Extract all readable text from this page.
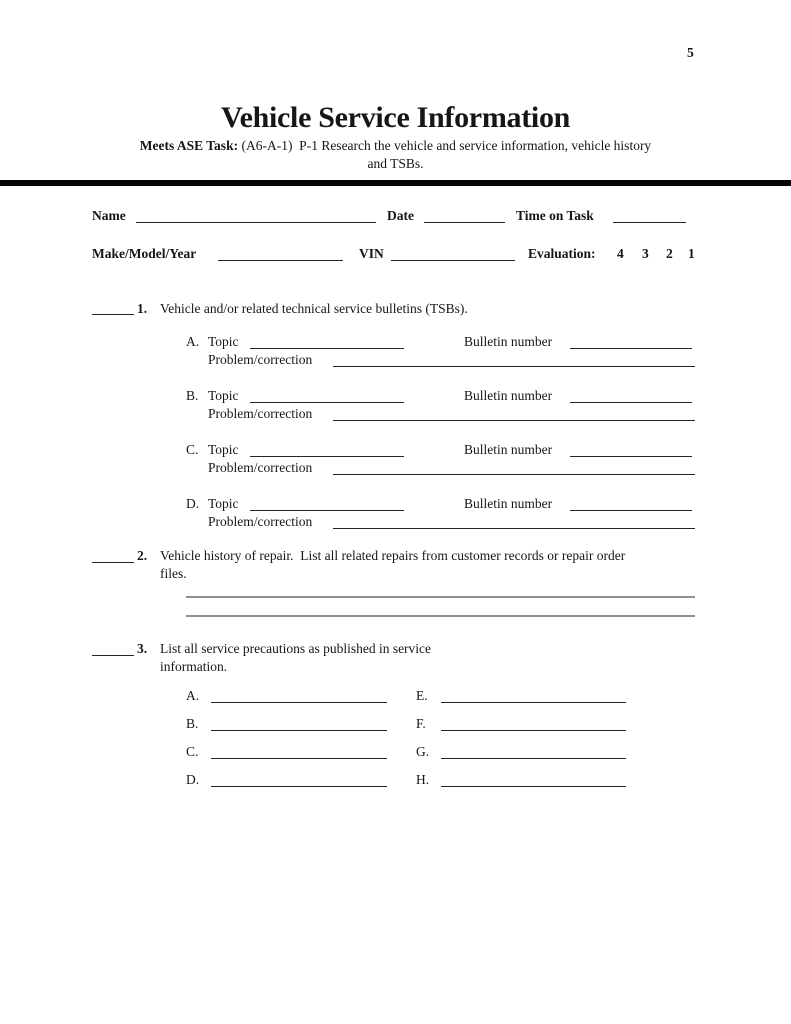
5
Vehicle Service Information
Meets ASE Task: (A6-A-1)  P-1 Research the vehicle and service information, vehicle history
and TSBs.
Name	Date	Time on Task
Make/Model/Year	VIN	Evaluation: 4 3 2 1
1. Vehicle and/or related technical service bulletins (TSBs).
A. Topic	Bulletin number
Problem/correction
B. Topic	Bulletin number
Problem/correction
C. Topic	Bulletin number
Problem/correction
D. Topic	Bulletin number
Problem/correction
2. Vehicle history of repair.  List all related repairs from customer records or repair order
files.
3. List all service precautions as published in service
information.
A.	E.
B.	F.
C.	G.
D.	H.
